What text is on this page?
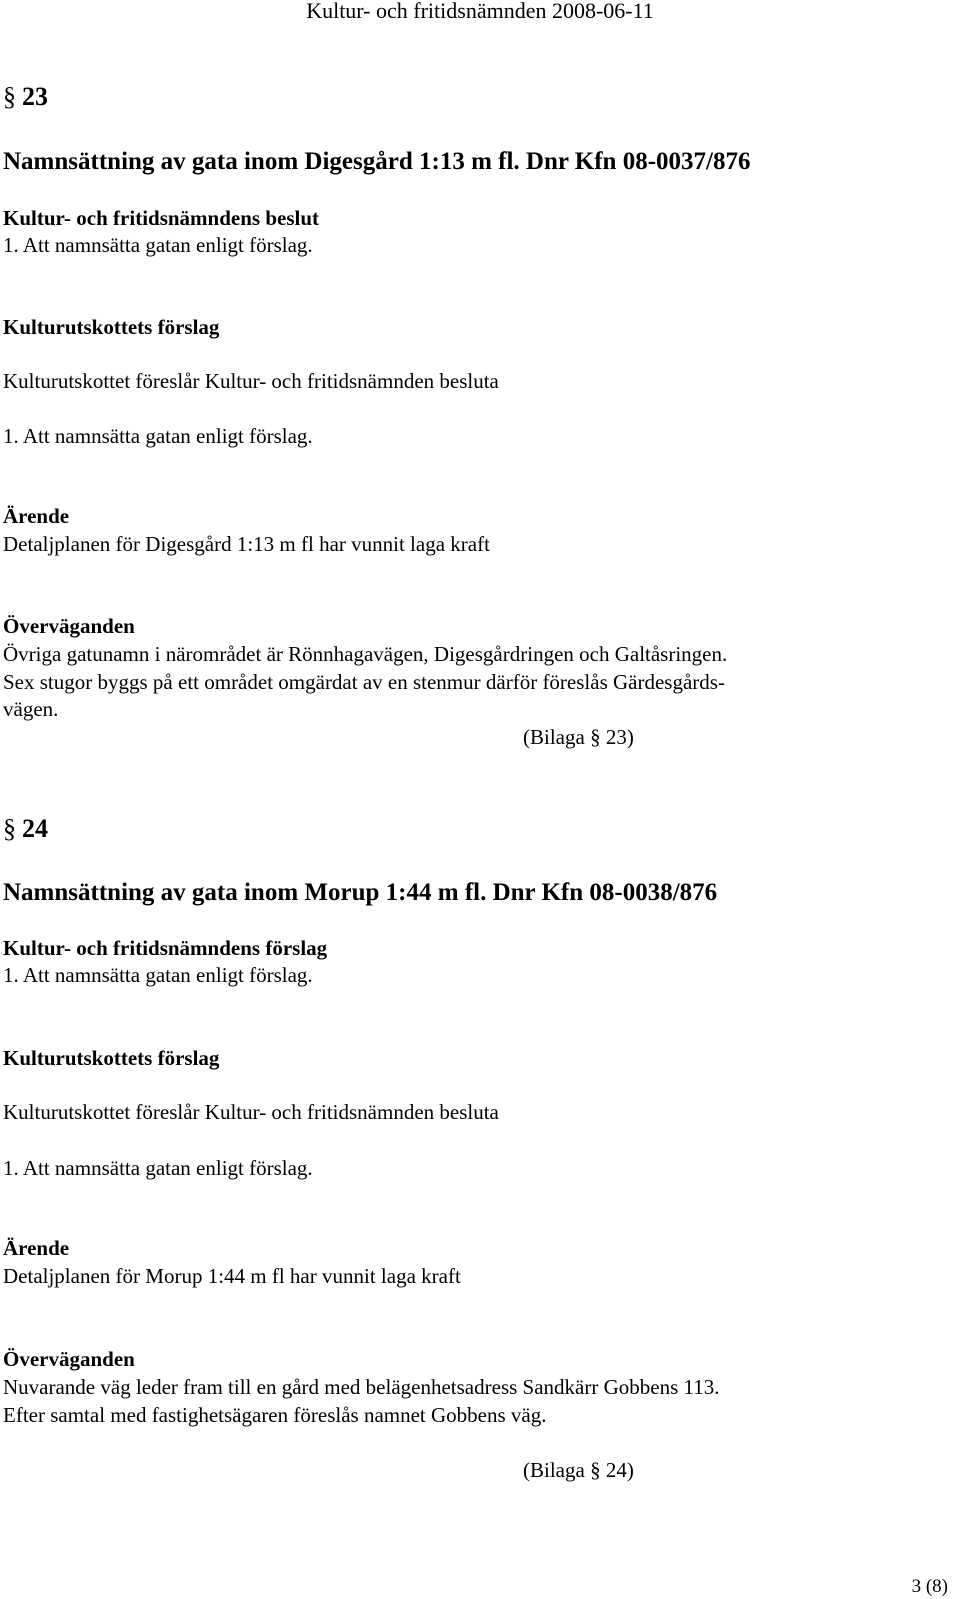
Kultur- och fritidsnämnden 2008-06-11
§ 23
Namnsättning av gata inom Digesgård 1:13 m fl. Dnr Kfn 08-0037/876
Kultur- och fritidsnämndens beslut
1. Att namnsätta gatan enligt förslag.
Kulturutskottets förslag
Kulturutskottet föreslår Kultur- och fritidsnämnden besluta
1. Att namnsätta gatan enligt förslag.
Ärende
Detaljplanen för Digesgård 1:13 m fl har vunnit laga kraft
Överväganden
Övriga gatunamn i närområdet är Rönnhagavägen, Digesgårdringen och Galtåsringen.
Sex stugor byggs på ett området omgärdat av en stenmur därför föreslås Gärdesgårds-
vägen.
(Bilaga § 23)
§ 24
Namnsättning av gata inom Morup 1:44 m fl. Dnr Kfn 08-0038/876
Kultur- och fritidsnämndens förslag
1. Att namnsätta gatan enligt förslag.
Kulturutskottets förslag
Kulturutskottet föreslår Kultur- och fritidsnämnden besluta
1. Att namnsätta gatan enligt förslag.
Ärende
Detaljplanen för Morup 1:44 m fl har vunnit laga kraft
Överväganden
Nuvarande väg leder fram till en gård med belägenhetsadress Sandkärr Gobbens 113.
Efter samtal med fastighetsägaren föreslås namnet Gobbens väg.
(Bilaga § 24)
3 (8)
